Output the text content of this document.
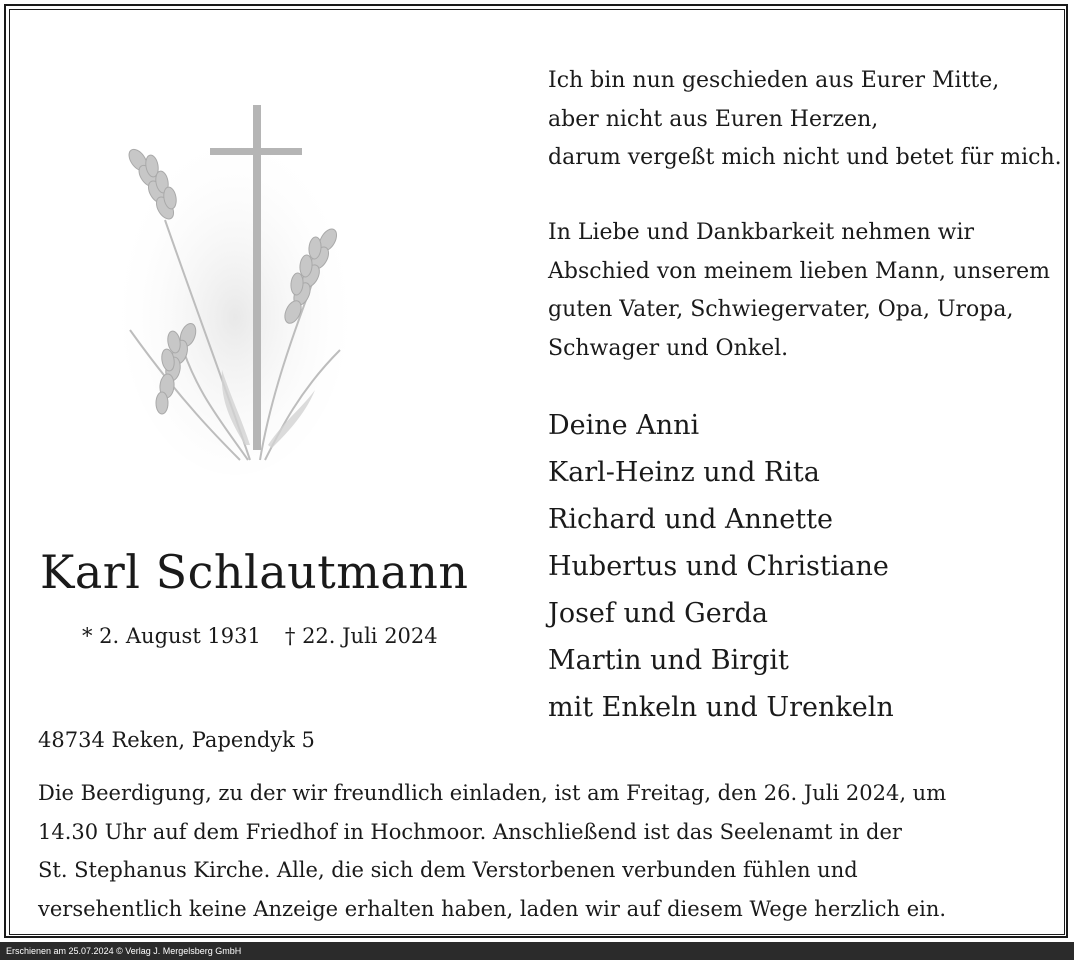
Ich bin nun geschieden aus Eurer Mitte,
aber nicht aus Euren Herzen,
darum vergeßt mich nicht und betet für mich.
In Liebe und Dankbarkeit nehmen wir
Abschied von meinem lieben Mann, unserem
guten Vater, Schwiegervater, Opa, Uropa,
Schwager und Onkel.
Deine Anni
Karl-Heinz und Rita
Richard und Annette
Hubertus und Christiane
Josef und Gerda
Martin und Birgit
mit Enkeln und Urenkeln
Karl Schlautmann
* 2. August 1931 † 22. Juli 2024
48734 Reken, Papendyk 5
Die Beerdigung, zu der wir freundlich einladen, ist am Freitag, den 26. Juli 2024, um
14.30 Uhr auf dem Friedhof in Hochmoor. Anschließend ist das Seelenamt in der
St. Stephanus Kirche. Alle, die sich dem Verstorbenen verbunden fühlen und
versehentlich keine Anzeige erhalten haben, laden wir auf diesem Wege herzlich ein.
Erschienen am 25.07.2024 © Verlag J. Mergelsberg GmbH
